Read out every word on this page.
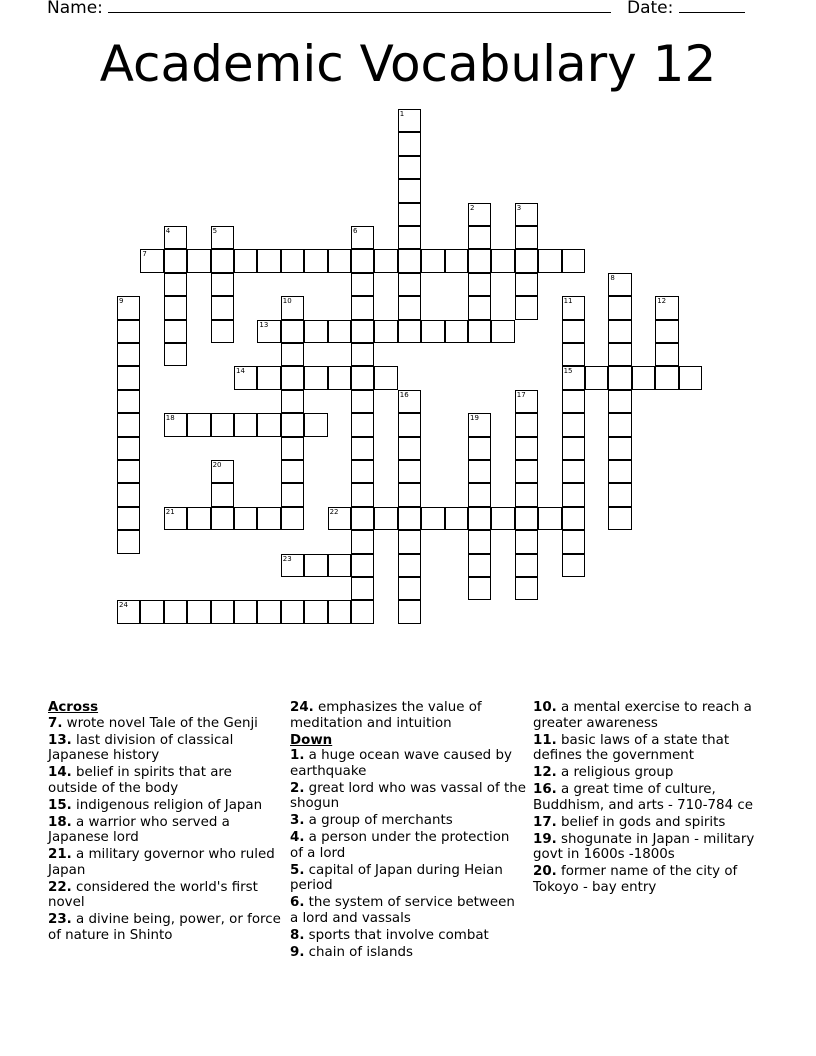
Name:	Date:
Academic Vocabulary 12
1
2	3
4	5	6
7
8
9	10	11
15
12
13
14
16	17
18	19
20
21	22
23
24
Across
7. wrote novel Tale of the Genji
13. last division of classical Japanese history
14. belief in spirits that are outside of the body
15. indigenous religion of Japan
18. a warrior who served a Japanese lord
21. a military governor who ruled Japan
22. considered the world's first novel
23. a divine being, power, or force of nature in Shinto
24. emphasizes the value of meditation and intuition
Down
1. a huge ocean wave caused by earthquake
2. great lord who was vassal of the shogun
3. a group of merchants
4. a person under the protection of a lord
5. capital of Japan during Heian period
6. the system of service between a lord and vassals
8. sports that involve combat
9. chain of islands
10. a mental exercise to reach a greater awareness
11. basic laws of a state that defines the government
12. a religious group
16. a great time of culture, Buddhism, and arts - 710-784 ce
17. belief in gods and spirits
19. shogunate in Japan - military govt in 1600s -1800s
20. former name of the city of Tokoyo - bay entry
